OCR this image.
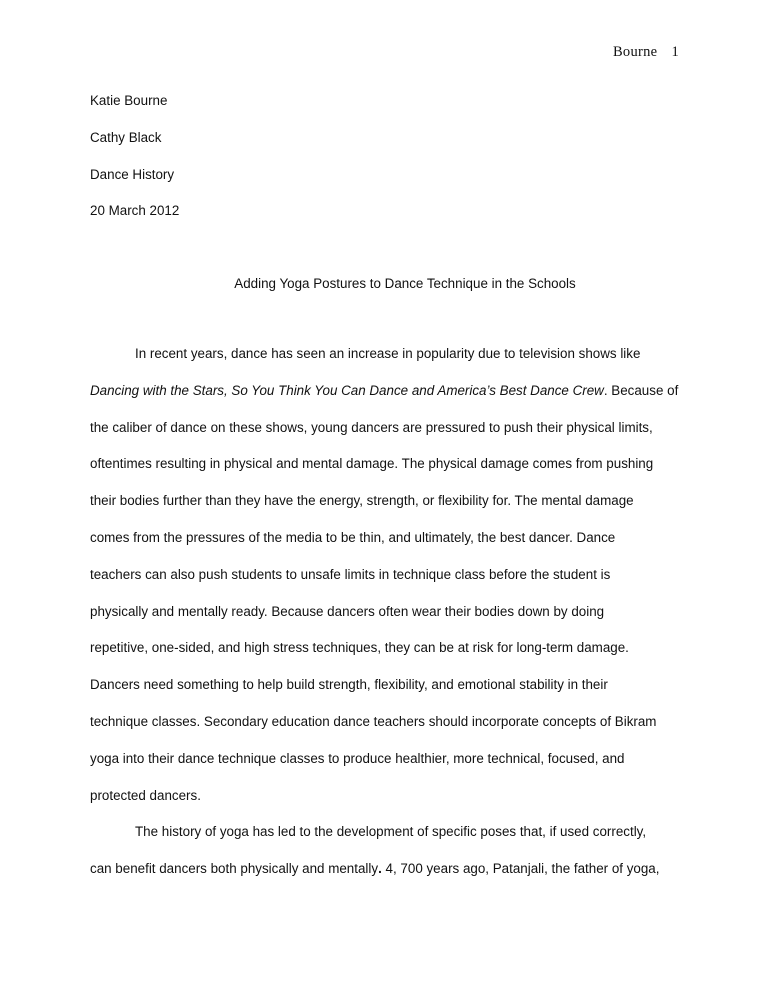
Bourne 1
Katie Bourne
Cathy Black
Dance History
20 March 2012
Adding Yoga Postures to Dance Technique in the Schools
In recent years, dance has seen an increase in popularity due to television shows like
Dancing with the Stars, So You Think You Can Dance and America’s Best Dance Crew. Because of
the caliber of dance on these shows, young dancers are pressured to push their physical limits,
oftentimes resulting in physical and mental damage. The physical damage comes from pushing
their bodies further than they have the energy, strength, or flexibility for. The mental damage
comes from the pressures of the media to be thin, and ultimately, the best dancer. Dance
teachers can also push students to unsafe limits in technique class before the student is
physically and mentally ready. Because dancers often wear their bodies down by doing
repetitive, one-sided, and high stress techniques, they can be at risk for long-term damage.
Dancers need something to help build strength, flexibility, and emotional stability in their
technique classes. Secondary education dance teachers should incorporate concepts of Bikram
yoga into their dance technique classes to produce healthier, more technical, focused, and
protected dancers.
The history of yoga has led to the development of specific poses that, if used correctly,
can benefit dancers both physically and mentally. 4, 700 years ago, Patanjali, the father of yoga,
